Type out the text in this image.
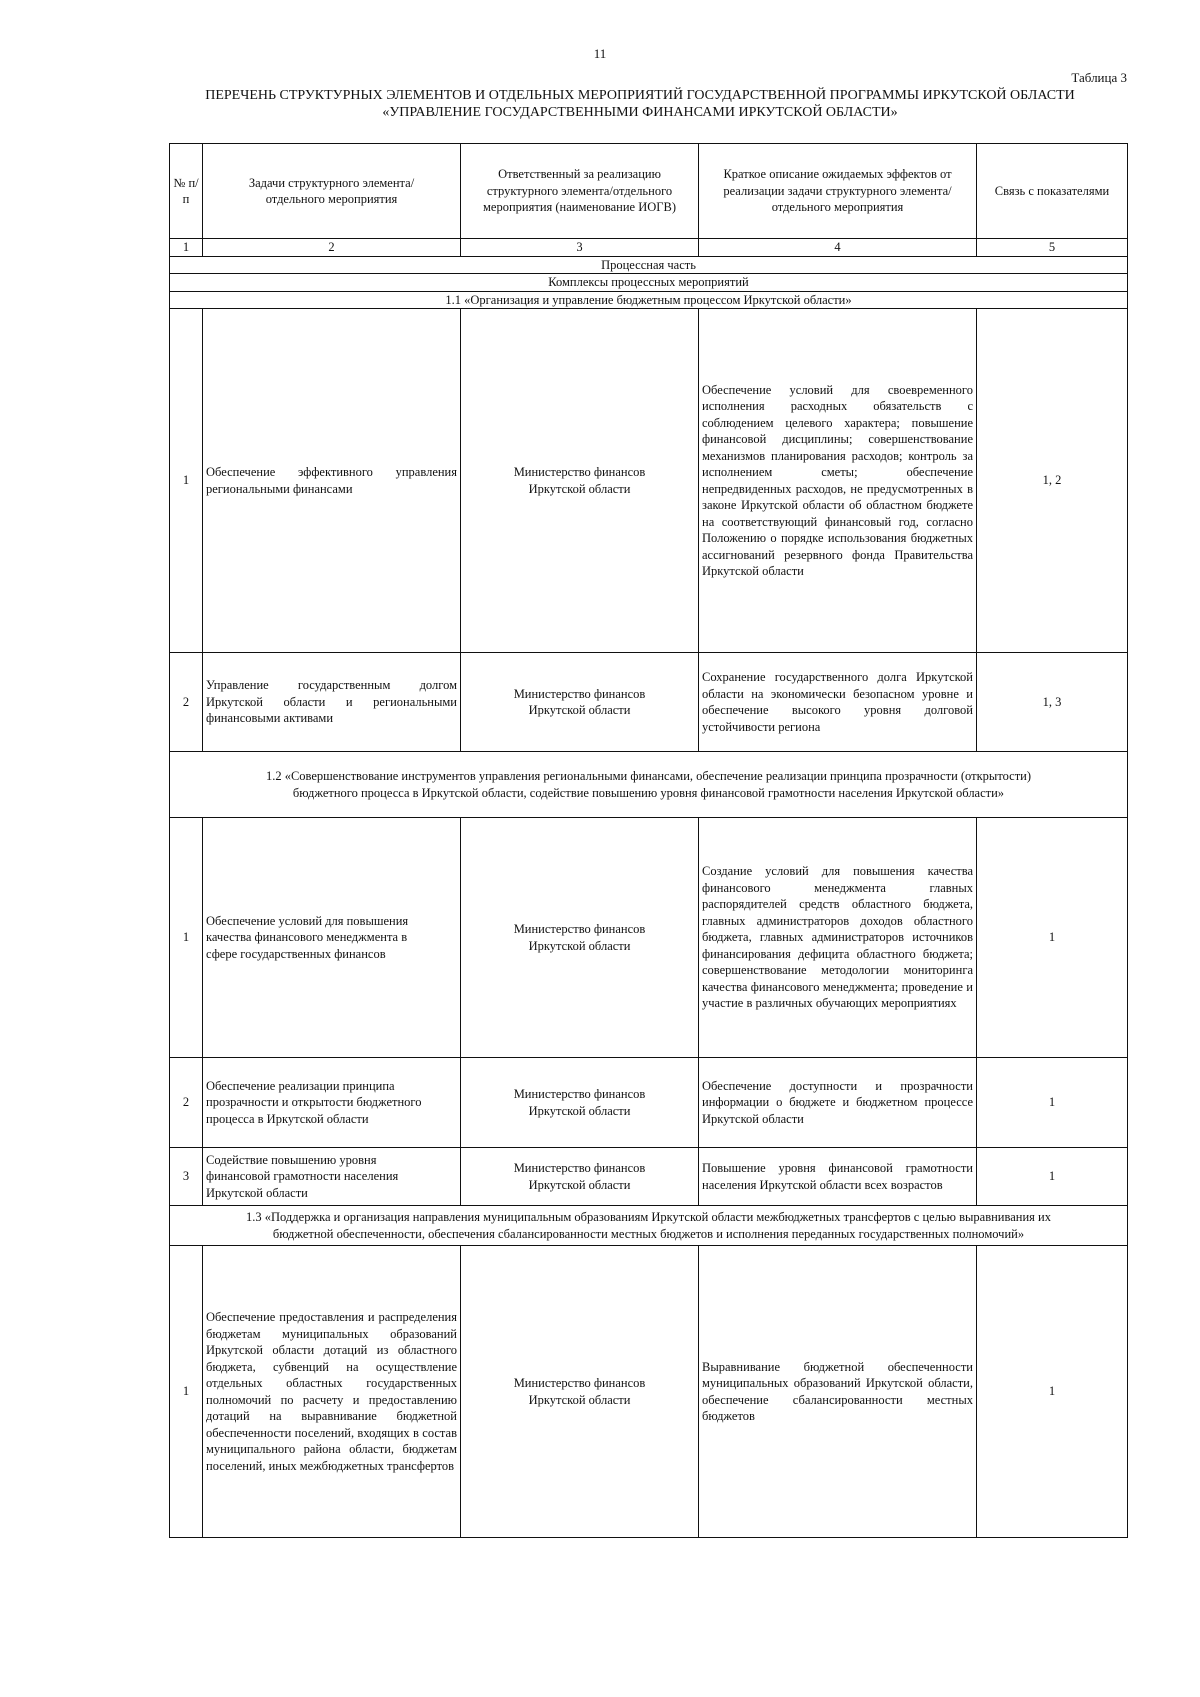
11
Таблица 3
ПЕРЕЧЕНЬ СТРУКТУРНЫХ ЭЛЕМЕНТОВ И ОТДЕЛЬНЫХ МЕРОПРИЯТИЙ ГОСУДАРСТВЕННОЙ ПРОГРАММЫ ИРКУТСКОЙ ОБЛАСТИ
«УПРАВЛЕНИЕ ГОСУДАРСТВЕННЫМИ ФИНАНСАМИ ИРКУТСКОЙ ОБЛАСТИ»
№ п/п	Задачи структурного элемента/отдельного мероприятия	Ответственный за реализацию структурного элемента/отдельного мероприятия (наименование ИОГВ)	Краткое описание ожидаемых эффектов от реализации задачи структурного элемента/отдельного мероприятия	Связь с показателями
1	2	3	4	5
Процессная часть				
Комплексы процессных мероприятий				
1.1 «Организация и управление бюджетным процессом Иркутской области»				
1	Обеспечение эффективного управления региональными финансами	Министерство финансов Иркутской области	Обеспечение условий для своевременного исполнения расходных обязательств с соблюдением целевого характера; повышение финансовой дисциплины; совершенствование механизмов планирования расходов; контроль за исполнением сметы; обеспечение непредвиденных расходов, не предусмотренных в законе Иркутской области об областном бюджете на соответствующий финансовый год, согласно Положению о порядке использования бюджетных ассигнований резервного фонда Правительства Иркутской области	1, 2
2	Управление государственным долгом Иркутской области и региональными финансовыми активами	Министерство финансов Иркутской области	Сохранение государственного долга Иркутской области на экономически безопасном уровне и обеспечение высокого уровня долговой устойчивости региона	1, 3

1.2 «Совершенствование инструментов управления региональными финансами, обеспечение реализации принципа прозрачности (открытости)
бюджетного процесса в Иркутской области, содействие повышению уровня финансовой грамотности населения Иркутской области»				

1	Обеспечение условий для повышения качества финансового менеджмента в сфере государственных финансов	Министерство финансов Иркутской области	Создание условий для повышения качества финансового менеджмента главных распорядителей средств областного бюджета, главных администраторов доходов областного бюджета, главных администраторов источников финансирования дефицита областного бюджета; совершенствование методологии мониторинга качества финансового менеджмента; проведение и участие в различных обучающих мероприятиях	1
2	Обеспечение реализации принципа прозрачности и открытости бюджетного процесса в Иркутской области	Министерство финансов Иркутской области	Обеспечение доступности и прозрачности информации о бюджете и бюджетном процессе Иркутской области	1
3	Содействие повышению уровня финансовой грамотности населения Иркутской области	Министерство финансов Иркутской области	Повышение уровня финансовой грамотности населения Иркутской области всех возрастов	1

1.3 «Поддержка и организация направления муниципальным образованиям Иркутской области межбюджетных трансфертов с целью выравнивания их
бюджетной обеспеченности, обеспечения сбалансированности местных бюджетов и исполнения переданных государственных полномочий»				

1	Обеспечение предоставления и распределения бюджетам муниципальных образований Иркутской области дотаций из областного бюджета, субвенций на осуществление отдельных областных государственных полномочий по расчету и предоставлению дотаций на выравнивание бюджетной обеспеченности поселений, входящих в состав муниципального района области, бюджетам поселений, иных межбюджетных трансфертов	Министерство финансов Иркутской области	Выравнивание бюджетной обеспеченности муниципальных образований Иркутской области, обеспечение сбалансированности местных бюджетов	1
